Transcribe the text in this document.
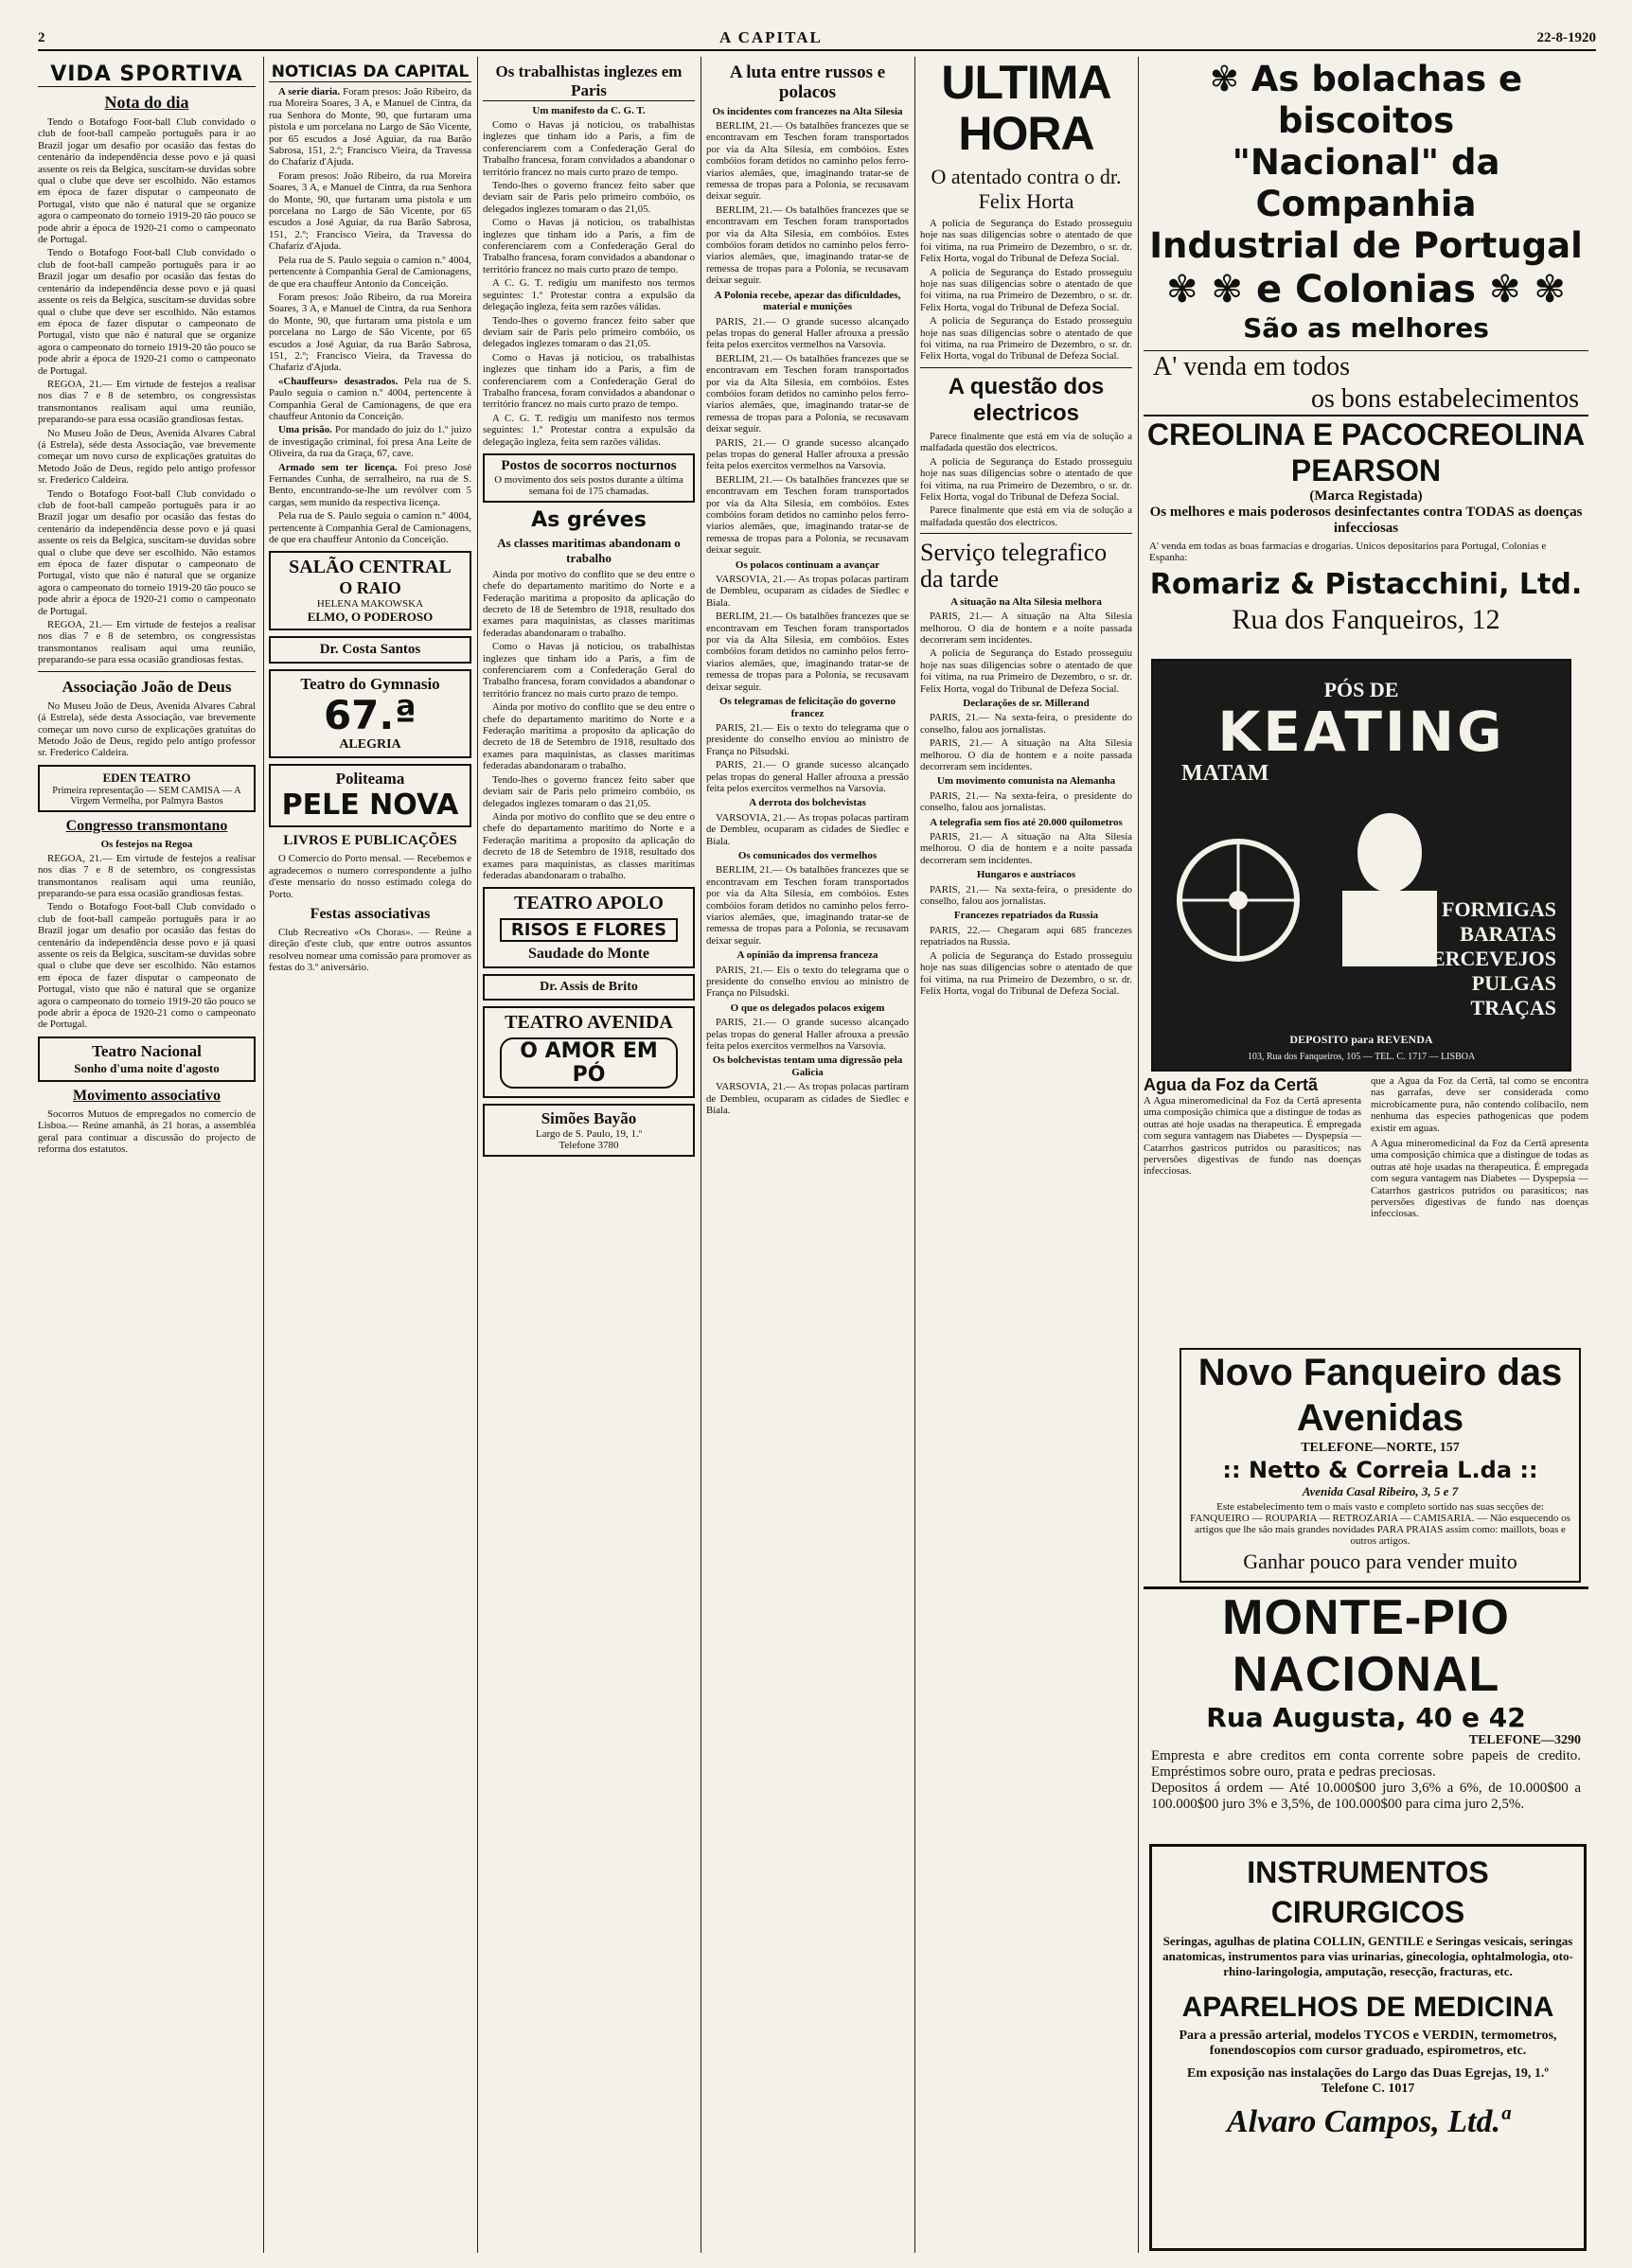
2	A CAPITAL	22-8-1920
VIDA SPORTIVA
Nota do dia

Tendo o Botafogo Foot-ball Club convidado o club de foot-ball campeão português para ir ao Brazil jogar um desafio por ocasião das festas do centenário da independência desse povo e já quasi assente os reis da Belgica, suscitam-se duvidas sobre qual o clube que deve ser escolhido. Não estamos em época de fazer disputar o campeonato de Portugal, visto que não é natural que se organize agora o campeonato do torneio 1919-20 tão pouco se pode abrir a época de 1920-21 como o campeonato de Portugal.

Tendo o Botafogo Foot-ball Club convidado o club de foot-ball campeão português para ir ao Brazil jogar um desafio por ocasião das festas do centenário da independência desse povo e já quasi assente os reis da Belgica, suscitam-se duvidas sobre qual o clube que deve ser escolhido. Não estamos em época de fazer disputar o campeonato de Portugal, visto que não é natural que se organize agora o campeonato do torneio 1919-20 tão pouco se pode abrir a época de 1920-21 como o campeonato de Portugal.

REGOA, 21.— Em virtude de festejos a realisar nos dias 7 e 8 de setembro, os congressistas transmontanos realisam aqui uma reunião, preparando-se para essa ocasião grandiosas festas.

No Museu João de Deus, Avenida Alvares Cabral (á Estrela), séde desta Associação, vae brevemente começar um novo curso de explicações gratuitas do Metodo João de Deus, regido pelo antigo professor sr. Frederico Caldeira.

Tendo o Botafogo Foot-ball Club convidado o club de foot-ball campeão português para ir ao Brazil jogar um desafio por ocasião das festas do centenário da independência desse povo e já quasi assente os reis da Belgica, suscitam-se duvidas sobre qual o clube que deve ser escolhido. Não estamos em época de fazer disputar o campeonato de Portugal, visto que não é natural que se organize agora o campeonato do torneio 1919-20 tão pouco se pode abrir a época de 1920-21 como o campeonato de Portugal.

REGOA, 21.— Em virtude de festejos a realisar nos dias 7 e 8 de setembro, os congressistas transmontanos realisam aqui uma reunião, preparando-se para essa ocasião grandiosas festas.

Associação João de Deus

No Museu João de Deus, Avenida Alvares Cabral (á Estrela), séde desta Associação, vae brevemente começar um novo curso de explicações gratuitas do Metodo João de Deus, regido pelo antigo professor sr. Frederico Caldeira.

EDEN TEATRO
Primeira representação — SEM CAMISA — A Virgem Vermelha, por Palmyra Bastos
Congresso transmontano
Os festejos na Regoa

REGOA, 21.— Em virtude de festejos a realisar nos dias 7 e 8 de setembro, os congressistas transmontanos realisam aqui uma reunião, preparando-se para essa ocasião grandiosas festas.

Tendo o Botafogo Foot-ball Club convidado o club de foot-ball campeão português para ir ao Brazil jogar um desafio por ocasião das festas do centenário da independência desse povo e já quasi assente os reis da Belgica, suscitam-se duvidas sobre qual o clube que deve ser escolhido. Não estamos em época de fazer disputar o campeonato de Portugal, visto que não é natural que se organize agora o campeonato do torneio 1919-20 tão pouco se pode abrir a época de 1920-21 como o campeonato de Portugal.

Teatro Nacional
Sonho d'uma noite d'agosto
Movimento associativo

Socorros Mutuos de empregados no comercio de Lisboa.— Reúne amanhã, ás 21 horas, a assembléa geral para continuar a discussão do projecto de reforma dos estatutos.

NOTICIAS DA CAPITAL

A serie diaria. Foram presos: João Ribeiro, da rua Moreira Soares, 3 A, e Manuel de Cintra, da rua Senhora do Monte, 90, que furtaram uma pistola e um porcelana no Largo de São Vicente, por 65 escudos a José Aguiar, da rua Barão Sabrosa, 151, 2.º; Francisco Vieira, da Travessa do Chafariz d'Ajuda.

Foram presos: João Ribeiro, da rua Moreira Soares, 3 A, e Manuel de Cintra, da rua Senhora do Monte, 90, que furtaram uma pistola e um porcelana no Largo de São Vicente, por 65 escudos a José Aguiar, da rua Barão Sabrosa, 151, 2.º; Francisco Vieira, da Travessa do Chafariz d'Ajuda.

Pela rua de S. Paulo seguia o camion n.º 4004, pertencente à Companhia Geral de Camionagens, de que era chauffeur Antonio da Conceição.

Foram presos: João Ribeiro, da rua Moreira Soares, 3 A, e Manuel de Cintra, da rua Senhora do Monte, 90, que furtaram uma pistola e um porcelana no Largo de São Vicente, por 65 escudos a José Aguiar, da rua Barão Sabrosa, 151, 2.º; Francisco Vieira, da Travessa do Chafariz d'Ajuda.

«Chauffeurs» desastrados. Pela rua de S. Paulo seguia o camion n.º 4004, pertencente à Companhia Geral de Camionagens, de que era chauffeur Antonio da Conceição.

Uma prisão. Por mandado do juiz do 1.º juizo de investigação criminal, foi presa Ana Leite de Oliveira, da rua da Graça, 67, cave.

Armado sem ter licença. Foi preso José Fernandes Cunha, de serralheiro, na rua de S. Bento, encontrando-se-lhe um revólver com 5 cargas, sem munido da respectiva licença.

Pela rua de S. Paulo seguia o camion n.º 4004, pertencente à Companhia Geral de Camionagens, de que era chauffeur Antonio da Conceição.

SALÃO CENTRAL
O RAIO
HELENA MAKOWSKA
ELMO, O PODEROSO
Dr. Costa Santos
Teatro do Gymnasio
67.ª
ALEGRIA
Politeama
PELE NOVA
LIVROS E PUBLICAÇÕES

O Comercio do Porto mensal. — Recebemos e agradecemos o numero correspondente a julho d'este mensario do nosso estimado colega do Porto.

Festas associativas

Club Recreativo «Os Choras». — Reúne a direção d'este club, que entre outros assuntos resolveu nomear uma comissão para promover as festas do 3.º aniversário.

Os trabalhistas inglezes em Paris
Um manifesto da C. G. T.

Como o Havas já noticiou, os trabalhistas inglezes que tinham ido a Paris, a fim de conferenciarem com a Confederação Geral do Trabalho francesa, foram convidados a abandonar o território francez no mais curto prazo de tempo.

Tendo-lhes o governo francez feito saber que deviam sair de Paris pelo primeiro combóio, os delegados inglezes tomaram o das 21,05.

Como o Havas já noticiou, os trabalhistas inglezes que tinham ido a Paris, a fim de conferenciarem com a Confederação Geral do Trabalho francesa, foram convidados a abandonar o território francez no mais curto prazo de tempo.

A C. G. T. redigiu um manifesto nos termos seguintes: 1.º Protestar contra a expulsão da delegação ingleza, feita sem razões válidas.

Tendo-lhes o governo francez feito saber que deviam sair de Paris pelo primeiro combóio, os delegados inglezes tomaram o das 21,05.

Como o Havas já noticiou, os trabalhistas inglezes que tinham ido a Paris, a fim de conferenciarem com a Confederação Geral do Trabalho francesa, foram convidados a abandonar o território francez no mais curto prazo de tempo.

A C. G. T. redigiu um manifesto nos termos seguintes: 1.º Protestar contra a expulsão da delegação ingleza, feita sem razões válidas.

Postos de socorros nocturnos
O movimento dos seis postos durante a última semana foi de 175 chamadas.
As gréves
As classes maritimas abandonam o trabalho

Ainda por motivo do conflito que se deu entre o chefe do departamento maritimo do Norte e a Federação maritima a proposito da aplicação do decreto de 18 de Setembro de 1918, resultado dos exames para maquinistas, as classes maritimas federadas abandonaram o trabalho.

Como o Havas já noticiou, os trabalhistas inglezes que tinham ido a Paris, a fim de conferenciarem com a Confederação Geral do Trabalho francesa, foram convidados a abandonar o território francez no mais curto prazo de tempo.

Ainda por motivo do conflito que se deu entre o chefe do departamento maritimo do Norte e a Federação maritima a proposito da aplicação do decreto de 18 de Setembro de 1918, resultado dos exames para maquinistas, as classes maritimas federadas abandonaram o trabalho.

Tendo-lhes o governo francez feito saber que deviam sair de Paris pelo primeiro combóio, os delegados inglezes tomaram o das 21,05.

Ainda por motivo do conflito que se deu entre o chefe do departamento maritimo do Norte e a Federação maritima a proposito da aplicação do decreto de 18 de Setembro de 1918, resultado dos exames para maquinistas, as classes maritimas federadas abandonaram o trabalho.

TEATRO APOLO
RISOS E FLORES
Saudade do Monte
Dr. Assis de Brito
TEATRO AVENIDA
O AMOR EM PÓ
Simões Bayão
Largo de S. Paulo, 19, 1.º
Telefone 3780
A luta entre russos e polacos
Os incidentes com francezes na Alta Silesia

BERLIM, 21.— Os batalhões francezes que se encontravam em Teschen foram transportados por via da Alta Silesia, em combóios. Estes combóios foram detidos no caminho pelos ferro-viarios alemães, que, imaginando tratar-se de remessa de tropas para a Polonia, se recusavam deixar seguir.

BERLIM, 21.— Os batalhões francezes que se encontravam em Teschen foram transportados por via da Alta Silesia, em combóios. Estes combóios foram detidos no caminho pelos ferro-viarios alemães, que, imaginando tratar-se de remessa de tropas para a Polonia, se recusavam deixar seguir.

A Polonia recebe, apezar das dificuldades, material e munições

PARIS, 21.— O grande sucesso alcançado pelas tropas do general Haller afrouxa a pressão feita pelos exercitos vermelhos na Varsovia.

BERLIM, 21.— Os batalhões francezes que se encontravam em Teschen foram transportados por via da Alta Silesia, em combóios. Estes combóios foram detidos no caminho pelos ferro-viarios alemães, que, imaginando tratar-se de remessa de tropas para a Polonia, se recusavam deixar seguir.

PARIS, 21.— O grande sucesso alcançado pelas tropas do general Haller afrouxa a pressão feita pelos exercitos vermelhos na Varsovia.

BERLIM, 21.— Os batalhões francezes que se encontravam em Teschen foram transportados por via da Alta Silesia, em combóios. Estes combóios foram detidos no caminho pelos ferro-viarios alemães, que, imaginando tratar-se de remessa de tropas para a Polonia, se recusavam deixar seguir.

Os polacos continuam a avançar

VARSOVIA, 21.— As tropas polacas partiram de Dembleu, ocuparam as cidades de Siedlec e Biala.

BERLIM, 21.— Os batalhões francezes que se encontravam em Teschen foram transportados por via da Alta Silesia, em combóios. Estes combóios foram detidos no caminho pelos ferro-viarios alemães, que, imaginando tratar-se de remessa de tropas para a Polonia, se recusavam deixar seguir.

Os telegramas de felicitação do governo francez

PARIS, 21.— Eis o texto do telegrama que o presidente do conselho enviou ao ministro de França no Pilsudski.

PARIS, 21.— O grande sucesso alcançado pelas tropas do general Haller afrouxa a pressão feita pelos exercitos vermelhos na Varsovia.

A derrota dos bolchevistas

VARSOVIA, 21.— As tropas polacas partiram de Dembleu, ocuparam as cidades de Siedlec e Biala.

Os comunicados dos vermelhos

BERLIM, 21.— Os batalhões francezes que se encontravam em Teschen foram transportados por via da Alta Silesia, em combóios. Estes combóios foram detidos no caminho pelos ferro-viarios alemães, que, imaginando tratar-se de remessa de tropas para a Polonia, se recusavam deixar seguir.

A opinião da imprensa franceza

PARIS, 21.— Eis o texto do telegrama que o presidente do conselho enviou ao ministro de França no Pilsudski.

O que os delegados polacos exigem

PARIS, 21.— O grande sucesso alcançado pelas tropas do general Haller afrouxa a pressão feita pelos exercitos vermelhos na Varsovia.

Os bolchevistas tentam uma digressão pela Galicia

VARSOVIA, 21.— As tropas polacas partiram de Dembleu, ocuparam as cidades de Siedlec e Biala.

ULTIMA HORA
O atentado contra o dr. Felix Horta

A policia de Segurança do Estado prosseguiu hoje nas suas diligencias sobre o atentado de que foi vitima, na rua Primeiro de Dezembro, o sr. dr. Felix Horta, vogal do Tribunal de Defeza Social.

A policia de Segurança do Estado prosseguiu hoje nas suas diligencias sobre o atentado de que foi vitima, na rua Primeiro de Dezembro, o sr. dr. Felix Horta, vogal do Tribunal de Defeza Social.

A policia de Segurança do Estado prosseguiu hoje nas suas diligencias sobre o atentado de que foi vitima, na rua Primeiro de Dezembro, o sr. dr. Felix Horta, vogal do Tribunal de Defeza Social.

A questão dos electricos

Parece finalmente que está em via de solução a malfadada questão dos electricos.

A policia de Segurança do Estado prosseguiu hoje nas suas diligencias sobre o atentado de que foi vitima, na rua Primeiro de Dezembro, o sr. dr. Felix Horta, vogal do Tribunal de Defeza Social.

Parece finalmente que está em via de solução a malfadada questão dos electricos.

Serviço telegrafico da tarde
A situação na Alta Silesia melhora

PARIS, 21.— A situação na Alta Silesia melhorou. O dia de hontem e a noite passada decorreram sem incidentes.

A policia de Segurança do Estado prosseguiu hoje nas suas diligencias sobre o atentado de que foi vitima, na rua Primeiro de Dezembro, o sr. dr. Felix Horta, vogal do Tribunal de Defeza Social.

Declarações de sr. Millerand

PARIS, 21.— Na sexta-feira, o presidente do conselho, falou aos jornalistas.

PARIS, 21.— A situação na Alta Silesia melhorou. O dia de hontem e a noite passada decorreram sem incidentes.

Um movimento comunista na Alemanha

PARIS, 21.— Na sexta-feira, o presidente do conselho, falou aos jornalistas.

A telegrafia sem fios até 20.000 quilometros

PARIS, 21.— A situação na Alta Silesia melhorou. O dia de hontem e a noite passada decorreram sem incidentes.

Hungaros e austriacos

PARIS, 21.— Na sexta-feira, o presidente do conselho, falou aos jornalistas.

Francezes repatriados da Russia

PARIS, 22.— Chegaram aqui 685 francezes repatriados na Russia.

A policia de Segurança do Estado prosseguiu hoje nas suas diligencias sobre o atentado de que foi vitima, na rua Primeiro de Dezembro, o sr. dr. Felix Horta, vogal do Tribunal de Defeza Social.

✾ As bolachas e biscoitos
"Nacional" da Companhia
Industrial de Portugal
✾ ✾ e Colonias ✾ ✾
São as melhores
A' venda em todos
os bons estabelecimentos
CREOLINA E PACOCREOLINA PEARSON
(Marca Registada)
Os melhores e mais poderosos desinfectantes contra TODAS as doenças infecciosas
A' venda em todas as boas farmacias e drogarias. Unicos depositarios para Portugal, Colonias e Espanha:
Romariz & Pistacchini, Ltd.
Rua dos Fanqueiros, 12
PÓS DE
KEATING
MATAM
FORMIGAS
BARATAS
PERCEVEJOS
PULGAS
TRAÇAS
DEPOSITO para REVENDA
103, Rua dos Fanqueiros, 105 — TEL. C. 1717 — LISBOA
Agua da Foz da Certã
A Agua mineromedicinal da Foz da Certã apresenta uma composição chimica que a distingue de todas as outras até hoje usadas na therapeutica. É empregada com segura vantagem nas Diabetes — Dyspepsia — Catarrhos gastricos putridos ou parasiticos; nas perversões digestivas de fundo nas doenças infecciosas.
que a Agua da Foz da Certã, tal como se encontra nas garrafas, deve ser considerada como microbicamente pura, não contendo colibacilo, nem nenhuma das especies pathogenicas que podem existir em aguas.
A Agua mineromedicinal da Foz da Certã apresenta uma composição chimica que a distingue de todas as outras até hoje usadas na therapeutica. É empregada com segura vantagem nas Diabetes — Dyspepsia — Catarrhos gastricos putridos ou parasiticos; nas perversões digestivas de fundo nas doenças infecciosas.
Novo Fanqueiro das Avenidas
TELEFONE—NORTE, 157
:: Netto & Correia L.da ::
Avenida Casal Ribeiro, 3, 5 e 7
Este estabelecimento tem o mais vasto e completo sortido nas suas secções de: FANQUEIRO — ROUPARIA — RETROZARIA — CAMISARIA. — Não esquecendo os artigos que lhe são mais grandes novidades PARA PRAIAS assim como: maillots, boas e outros artigos.
Ganhar pouco para vender muito
MONTE-PIO NACIONAL
Rua Augusta, 40 e 42
TELEFONE—3290
Empresta e abre creditos em conta corrente sobre papeis de credito. Empréstimos sobre ouro, prata e pedras preciosas.
Depositos á ordem — Até 10.000$00 juro 3,6% a 6%, de 10.000$00 a 100.000$00 juro 3% e 3,5%, de 100.000$00 para cima juro 2,5%.
INSTRUMENTOS CIRURGICOS
Seringas, agulhas de platina COLLIN, GENTILE e Seringas vesicais, seringas anatomicas, instrumentos para vias urinarias, ginecologia, ophtalmologia, oto-rhino-laringologia, amputação, resecção, fracturas, etc.
APARELHOS DE MEDICINA
Para a pressão arterial, modelos TYCOS e VERDIN, termometros, fonendoscopios com cursor graduado, espirometros, etc.
Em exposição nas instalações do Largo das Duas Egrejas, 19, 1.º
Telefone C. 1017
Alvaro Campos, Ltd.ª
